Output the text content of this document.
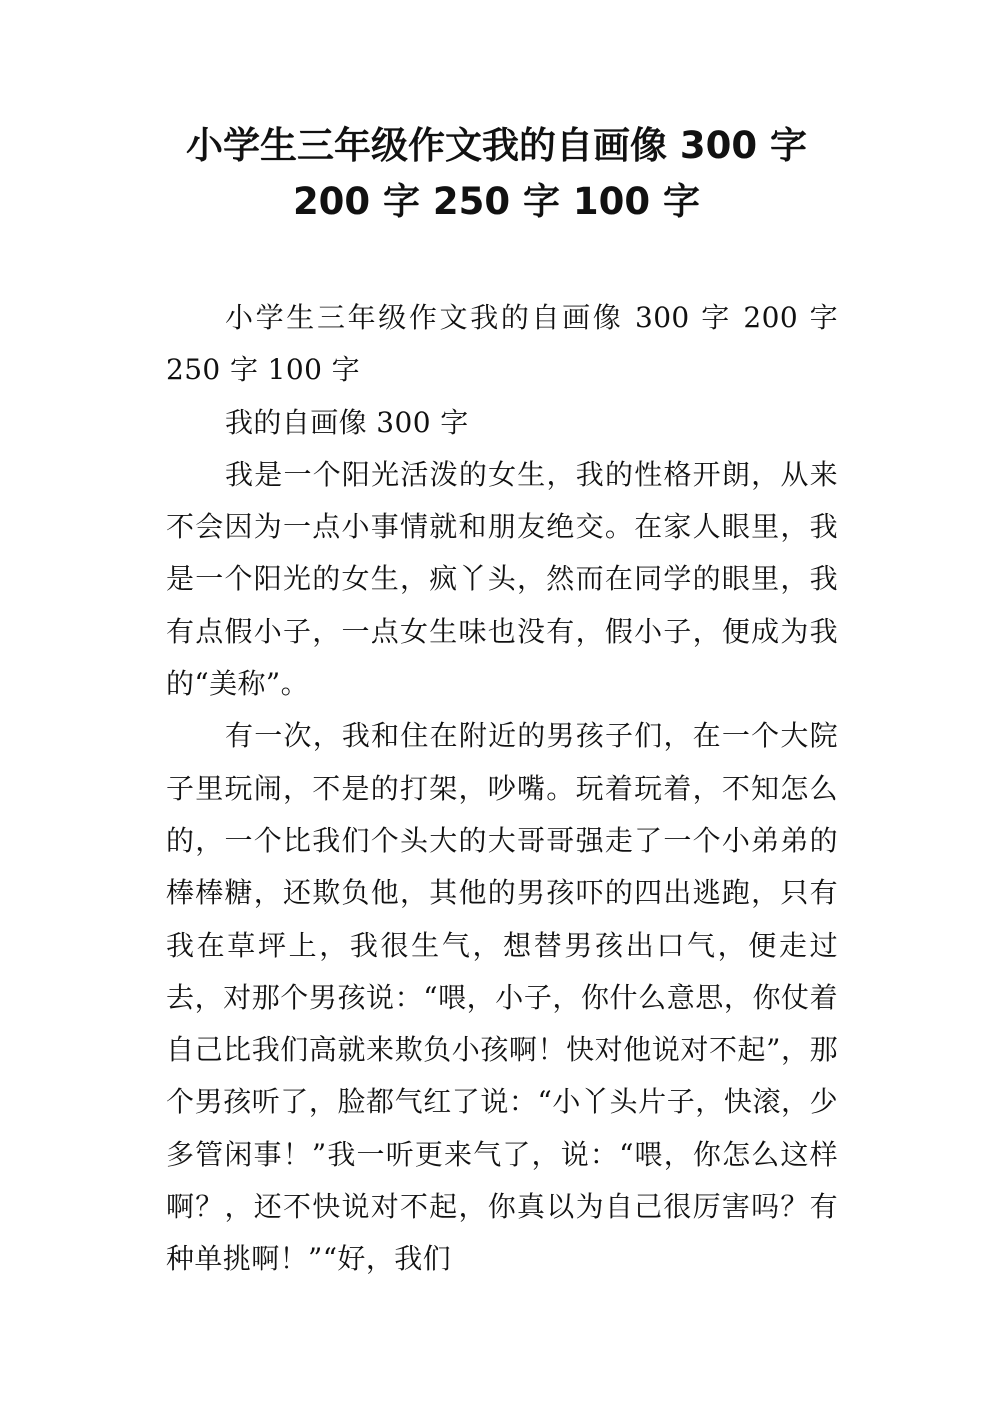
小学生三年级作文我的自画像 300 字
200 字 250 字 100 字

小学生三年级作文我的自画像 300 字 200 字 250 字 100 字

我的自画像 300 字

我是一个阳光活泼的女生，我的性格开朗，从来不会因为一点小事情就和朋友绝交。在家人眼里，我是一个阳光的女生，疯丫头，然而在同学的眼里，我有点假小子，一点女生味也没有，假小子，便成为我的“美称”。

有一次，我和住在附近的男孩子们，在一个大院子里玩闹，不是的打架，吵嘴。玩着玩着，不知怎么的，一个比我们个头大的大哥哥强走了一个小弟弟的棒棒糖，还欺负他，其他的男孩吓的四出逃跑，只有我在草坪上，我很生气，想替男孩出口气，便走过去，对那个男孩说：“喂，小子，你什么意思，你仗着自己比我们高就来欺负小孩啊！快对他说对不起”，那个男孩听了，脸都气红了说：“小丫头片子，快滚，少多管闲事！”我一听更来气了，说：“喂，你怎么这样啊？，还不快说对不起，你真以为自己很厉害吗？有种单挑啊！”“好，我们
